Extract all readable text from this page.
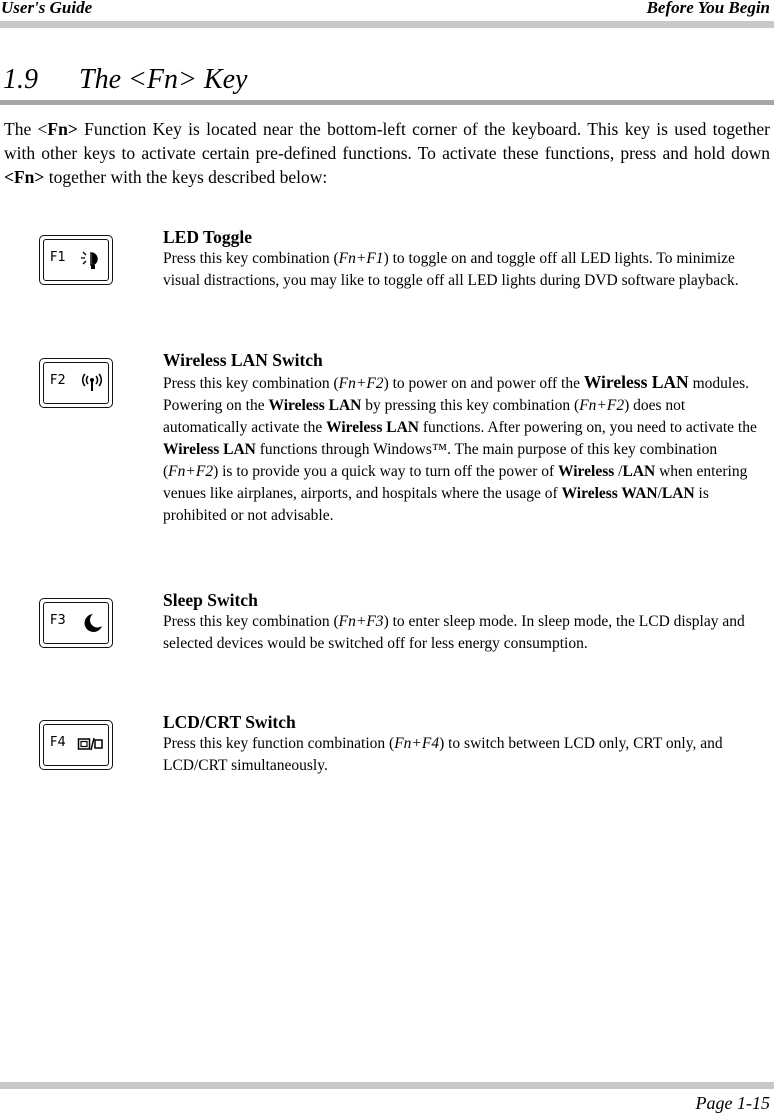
User's Guide	Before You Begin
1.9 The <Fn> Key

The <Fn> Function Key is located near the bottom-left corner of the keyboard. This key is used together with other keys to activate certain pre-defined functions. To activate these functions, press and hold down <Fn> together with the keys described below:

F1

LED Toggle

Press this key combination (Fn+F1) to toggle on and toggle off all LED lights. To minimize visual distractions, you may like to toggle off all LED lights during DVD software playback.

F2

Wireless LAN Switch

Press this key combination (Fn+F2) to power on and power off the Wireless LAN modules. Powering on the Wireless LAN by pressing this key combination (Fn+F2) does not automatically activate the Wireless LAN functions. After powering on, you need to activate the Wireless LAN functions through Windows™. The main purpose of this key combination (Fn+F2) is to provide you a quick way to turn off the power of Wireless /LAN when entering venues like airplanes, airports, and hospitals where the usage of Wireless WAN/LAN is prohibited or not advisable.

F3

Sleep Switch

Press this key combination (Fn+F3) to enter sleep mode. In sleep mode, the LCD display and selected devices would be switched off for less energy consumption.

F4

LCD/CRT Switch

Press this key function combination (Fn+F4) to switch between LCD only, CRT only, and LCD/CRT simultaneously.

Page 1-15
